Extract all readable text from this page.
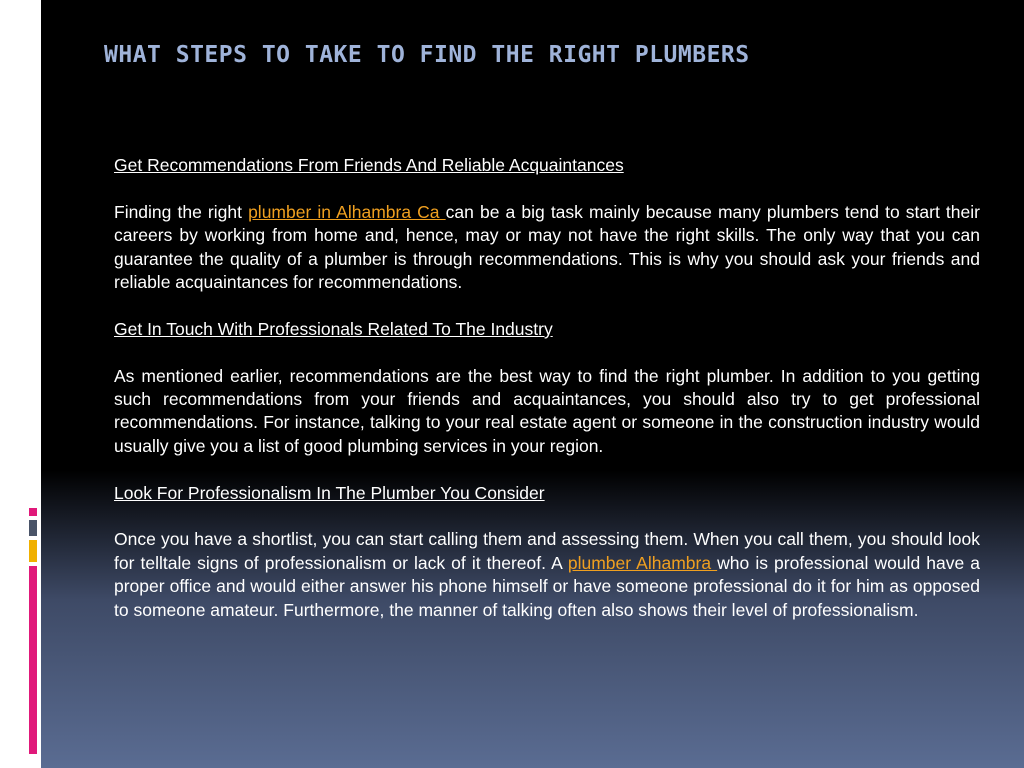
WHAT STEPS TO TAKE TO FIND THE RIGHT PLUMBERS

Get Recommendations From Friends And Reliable Acquaintances

Finding the right plumber in Alhambra Ca can be a big task mainly because many plumbers tend to start their careers by working from home and, hence, may or may not have the right skills. The only way that you can guarantee the quality of a plumber is through recommendations. This is why you should ask your friends and reliable acquaintances for recommendations.

Get In Touch With Professionals Related To The Industry

As mentioned earlier, recommendations are the best way to find the right plumber. In addition to you getting such recommendations from your friends and acquaintances, you should also try to get professional recommendations. For instance, talking to your real estate agent or someone in the construction industry would usually give you a list of good plumbing services in your region.

Look For Professionalism In The Plumber You Consider

Once you have a shortlist, you can start calling them and assessing them. When you call them, you should look for telltale signs of professionalism or lack of it thereof. A plumber Alhambra who is professional would have a proper office and would either answer his phone himself or have someone professional do it for him as opposed to someone amateur. Furthermore, the manner of talking often also shows their level of professionalism.
